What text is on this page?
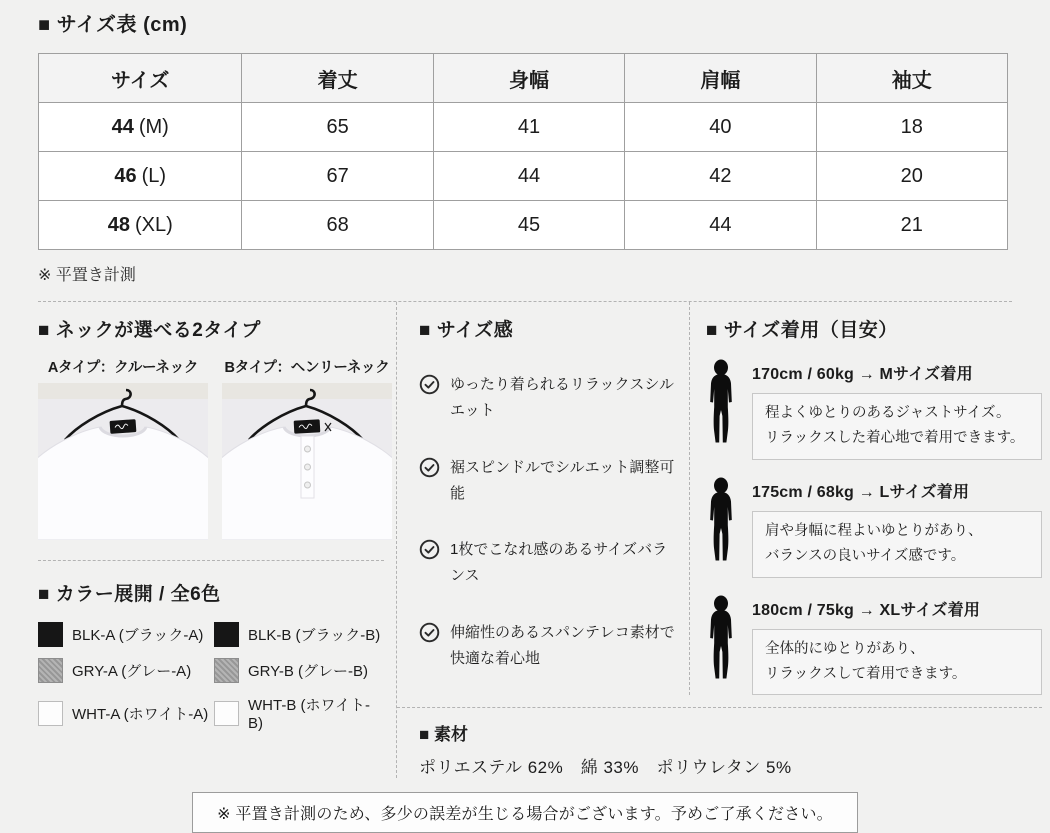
■ サイズ表 (cm)
サイズ	着丈	身幅	肩幅	袖丈
44 (M)	65	41	40	18
46 (L)	67	44	42	20
48 (XL)	68	45	44	21
※ 平置き計測
■ ネックが選べる2タイプ
Aタイプ：クルーネック	Bタイプ：ヘンリーネック
■ カラー展開 / 全6色
BLK-A (ブラック-A)	BLK-B (ブラック-B)
GRY-A (グレー-A)	GRY-B (グレー-B)
WHT-A (ホワイト-A)	WHT-B (ホワイト-B)
■ サイズ感
ゆったり着られるリラックスシルエット
裾スピンドルでシルエット調整可能
1枚でこなれ感のあるサイズバランス
伸縮性のあるスパンテレコ素材で
快適な着心地
■ サイズ着用（目安）
170cm / 60kg → Mサイズ着用
程よくゆとりのあるジャストサイズ。
リラックスした着心地で着用できます。
175cm / 68kg → Lサイズ着用
肩や身幅に程よいゆとりがあり、
バランスの良いサイズ感です。
180cm / 75kg → XLサイズ着用
全体的にゆとりがあり、
リラックスして着用できます。
■ 素材
ポリエステル 62%　綿 33%　ポリウレタン 5%
※ 平置き計測のため、多少の誤差が生じる場合がございます。予めご了承ください。
